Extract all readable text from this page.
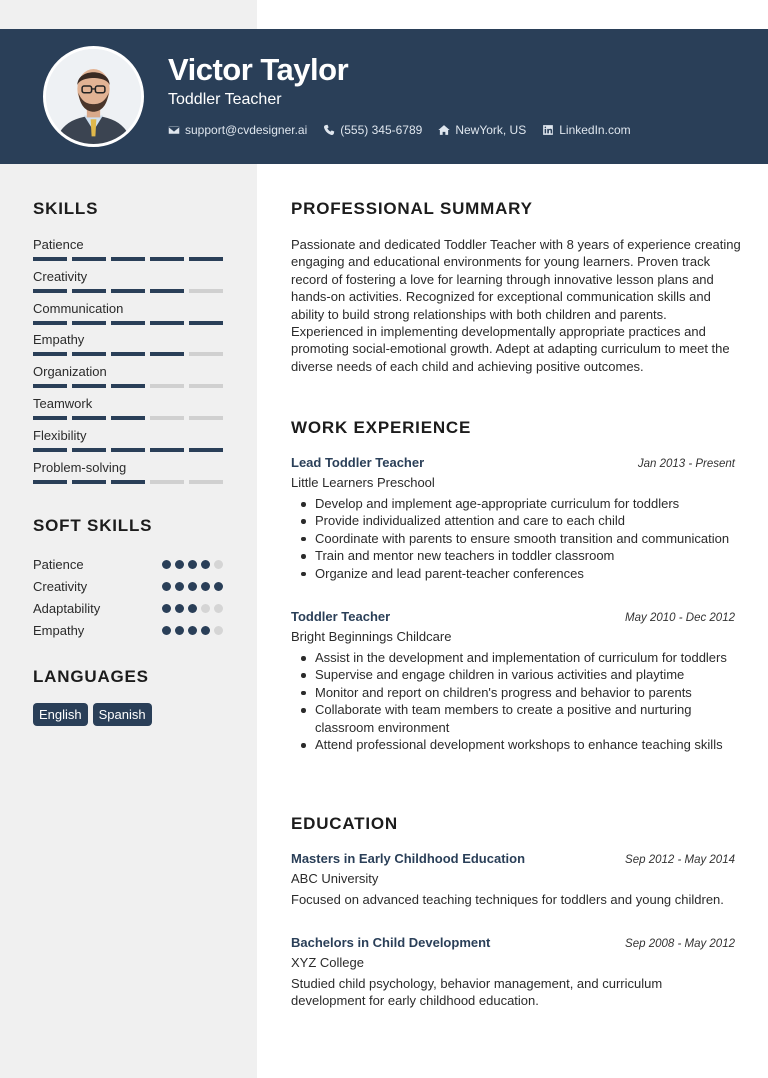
Victor Taylor
Toddler Teacher
support@cvdesigner.ai	(555) 345-6789	NewYork, US	LinkedIn.com
SKILLS
Patience
Creativity
Communication
Empathy
Organization
Teamwork
Flexibility
Problem-solving
SOFT SKILLS
Patience
Creativity
Adaptability
Empathy
LANGUAGES
English	Spanish
PROFESSIONAL SUMMARY
Passionate and dedicated Toddler Teacher with 8 years of experience creating engaging and educational environments for young learners. Proven track record of fostering a love for learning through innovative lesson plans and hands-on activities. Recognized for exceptional communication skills and ability to build strong relationships with both children and parents. Experienced in implementing developmentally appropriate practices and promoting social-emotional growth. Adept at adapting curriculum to meet the diverse needs of each child and achieving positive outcomes.
WORK EXPERIENCE
Lead Toddler Teacher	Jan 2013 - Present
Little Learners Preschool
Develop and implement age-appropriate curriculum for toddlers
Provide individualized attention and care to each child
Coordinate with parents to ensure smooth transition and communication
Train and mentor new teachers in toddler classroom
Organize and lead parent-teacher conferences
Toddler Teacher	May 2010 - Dec 2012
Bright Beginnings Childcare
Assist in the development and implementation of curriculum for toddlers
Supervise and engage children in various activities and playtime
Monitor and report on children's progress and behavior to parents
Collaborate with team members to create a positive and nurturing classroom environment
Attend professional development workshops to enhance teaching skills
EDUCATION
Masters in Early Childhood Education	Sep 2012 - May 2014
ABC University
Focused on advanced teaching techniques for toddlers and young children.
Bachelors in Child Development	Sep 2008 - May 2012
XYZ College
Studied child psychology, behavior management, and curriculum development for early childhood education.
